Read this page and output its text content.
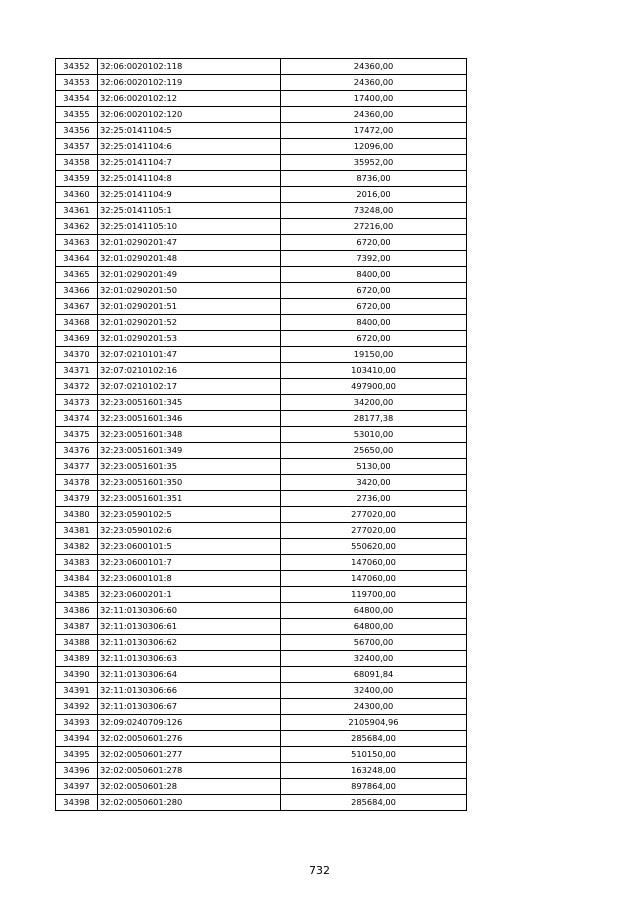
34352	32:06:0020102:118	24360,00
34353	32:06:0020102:119	24360,00
34354	32:06:0020102:12	17400,00
34355	32:06:0020102:120	24360,00
34356	32:25:0141104:5	17472,00
34357	32:25:0141104:6	12096,00
34358	32:25:0141104:7	35952,00
34359	32:25:0141104:8	8736,00
34360	32:25:0141104:9	2016,00
34361	32:25:0141105:1	73248,00
34362	32:25:0141105:10	27216,00
34363	32:01:0290201:47	6720,00
34364	32:01:0290201:48	7392,00
34365	32:01:0290201:49	8400,00
34366	32:01:0290201:50	6720,00
34367	32:01:0290201:51	6720,00
34368	32:01:0290201:52	8400,00
34369	32:01:0290201:53	6720,00
34370	32:07:0210101:47	19150,00
34371	32:07:0210102:16	103410,00
34372	32:07:0210102:17	497900,00
34373	32:23:0051601:345	34200,00
34374	32:23:0051601:346	28177,38
34375	32:23:0051601:348	53010,00
34376	32:23:0051601:349	25650,00
34377	32:23:0051601:35	5130,00
34378	32:23:0051601:350	3420,00
34379	32:23:0051601:351	2736,00
34380	32:23:0590102:5	277020,00
34381	32:23:0590102:6	277020,00
34382	32:23:0600101:5	550620,00
34383	32:23:0600101:7	147060,00
34384	32:23:0600101:8	147060,00
34385	32:23:0600201:1	119700,00
34386	32:11:0130306:60	64800,00
34387	32:11:0130306:61	64800,00
34388	32:11:0130306:62	56700,00
34389	32:11:0130306:63	32400,00
34390	32:11:0130306:64	68091,84
34391	32:11:0130306:66	32400,00
34392	32:11:0130306:67	24300,00
34393	32:09:0240709:126	2105904,96
34394	32:02:0050601:276	285684,00
34395	32:02:0050601:277	510150,00
34396	32:02:0050601:278	163248,00
34397	32:02:0050601:28	897864,00
34398	32:02:0050601:280	285684,00
732
